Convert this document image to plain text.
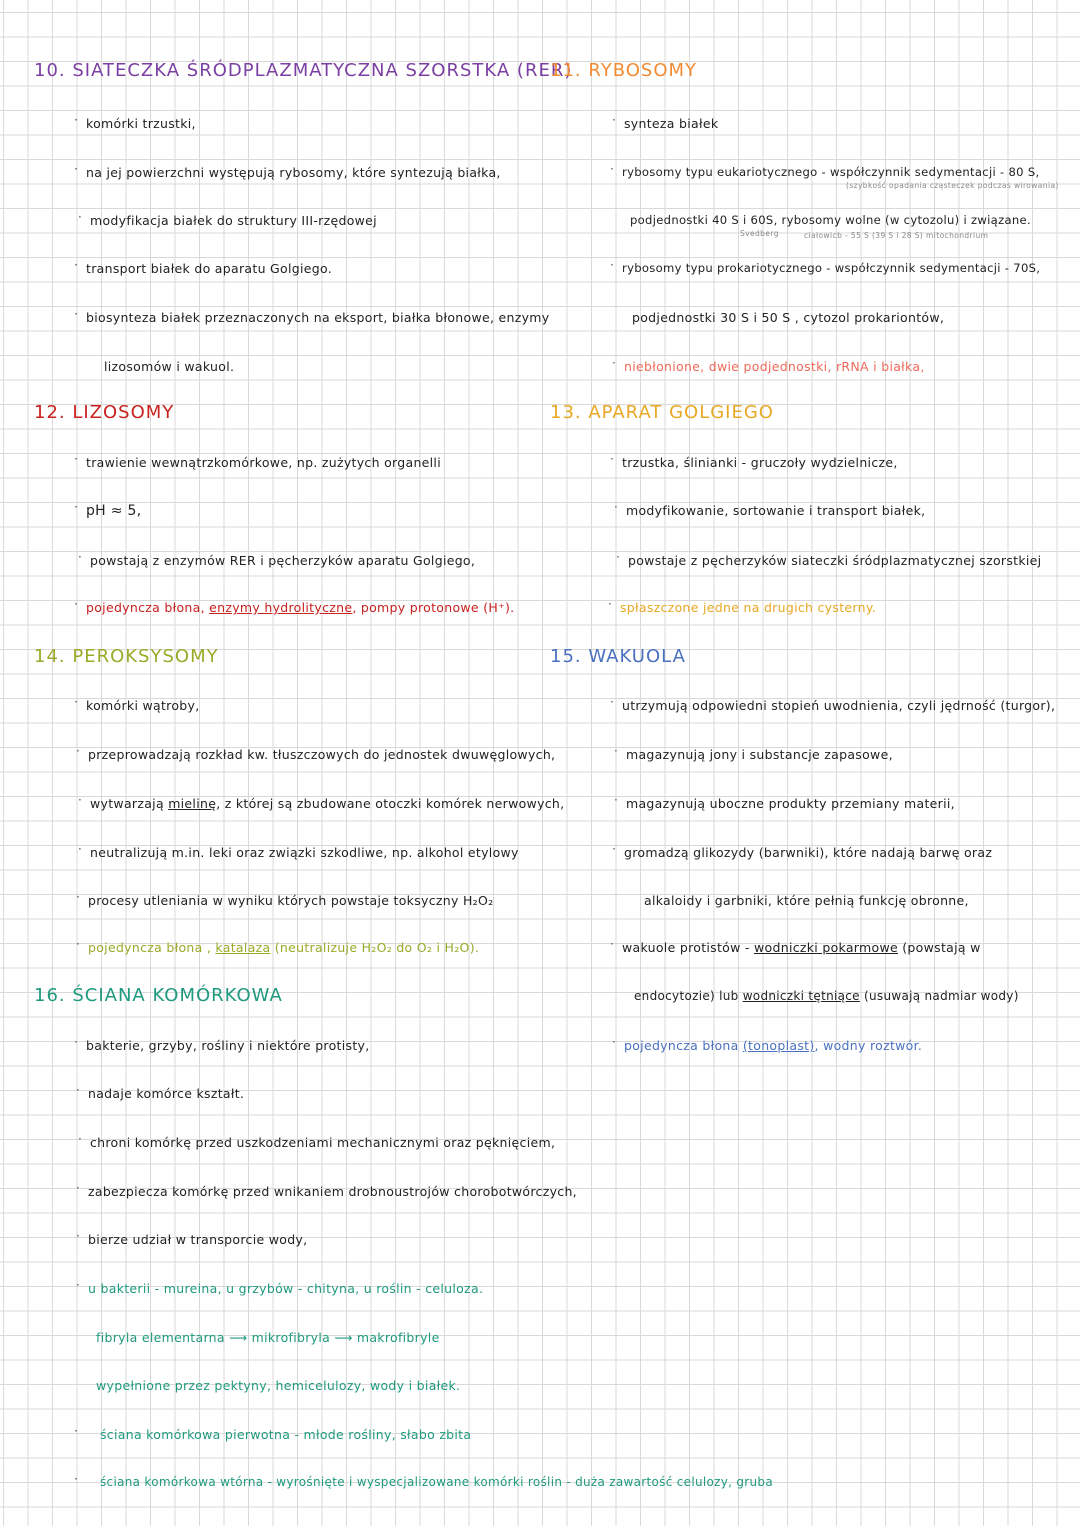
10. SIATECZKA ŚRÓDPLAZMATYCZNA SZORSTKA (RER)
· komórki trzustki,
· na jej powierzchni występują rybosomy, które syntezują białka,
· modyfikacja białek do struktury III-rzędowej
· transport białek do aparatu Golgiego.
· biosynteza białek przeznaczonych na eksport, białka błonowe, enzymy
lizosomów i wakuol.
11. RYBOSOMY
· synteza białek
· rybosomy typu eukariotycznego - współczynnik sedymentacji - 80 S,
(szybkość opadania cząsteczek podczas wirowania)
podjednostki 40 S i 60S, rybosomy wolne (w cytozolu) i związane.
Svedberg	ciałowicb - 55 S (39 S i 28 S) mitochondrium
· rybosomy typu prokariotycznego - współczynnik sedymentacji - 70S,
podjednostki 30 S i 50 S , cytozol prokariontów,
· niebłonione, dwie podjednostki, rRNA i białka,
12. LIZOSOMY
· trawienie wewnątrzkomórkowe, np. zużytych organelli
· pH ≈ 5,
· powstają z enzymów RER i pęcherzyków aparatu Golgiego,
· pojedyncza błona, enzymy hydrolityczne, pompy protonowe (H⁺).
13. APARAT GOLGIEGO
· trzustka, ślinianki - gruczoły wydzielnicze,
· modyfikowanie, sortowanie i transport białek,
· powstaje z pęcherzyków siateczki śródplazmatycznej szorstkiej
· spłaszczone jedne na drugich cysterny.
14. PEROKSYSOMY
· komórki wątroby,
· przeprowadzają rozkład kw. tłuszczowych do jednostek dwuwęglowych,
· wytwarzają mielinę, z której są zbudowane otoczki komórek nerwowych,
· neutralizują m.in. leki oraz związki szkodliwe, np. alkohol etylowy
· procesy utleniania w wyniku których powstaje toksyczny H₂O₂
· pojedyncza błona , katalaza (neutralizuje H₂O₂ do O₂ i H₂O).
15. WAKUOLA
· utrzymują odpowiedni stopień uwodnienia, czyli jędrność (turgor),
· magazynują jony i substancje zapasowe,
· magazynują uboczne produkty przemiany materii,
· gromadzą glikozydy (barwniki), które nadają barwę oraz
alkaloidy i garbniki, które pełnią funkcję obronne,
· wakuole protistów - wodniczki pokarmowe (powstają w
endocytozie) lub wodniczki tętniące (usuwają nadmiar wody)
· pojedyncza błona (tonoplast), wodny roztwór.
16. ŚCIANA KOMÓRKOWA
· bakterie, grzyby, rośliny i niektóre protisty,
· nadaje komórce kształt.
· chroni komórkę przed uszkodzeniami mechanicznymi oraz pęknięciem,
· zabezpiecza komórkę przed wnikaniem drobnoustrojów chorobotwórczych,
· bierze udział w transporcie wody,
· u bakterii - mureina, u grzybów - chityna, u roślin - celuloza.
fibryla elementarna ⟶ mikrofibryla ⟶ makrofibryle
wypełnione przez pektyny, hemicelulozy, wody i białek.
· ściana komórkowa pierwotna - młode rośliny, słabo zbita
· ściana komórkowa wtórna - wyrośnięte i wyspecjalizowane komórki roślin - duża zawartość celulozy, gruba
